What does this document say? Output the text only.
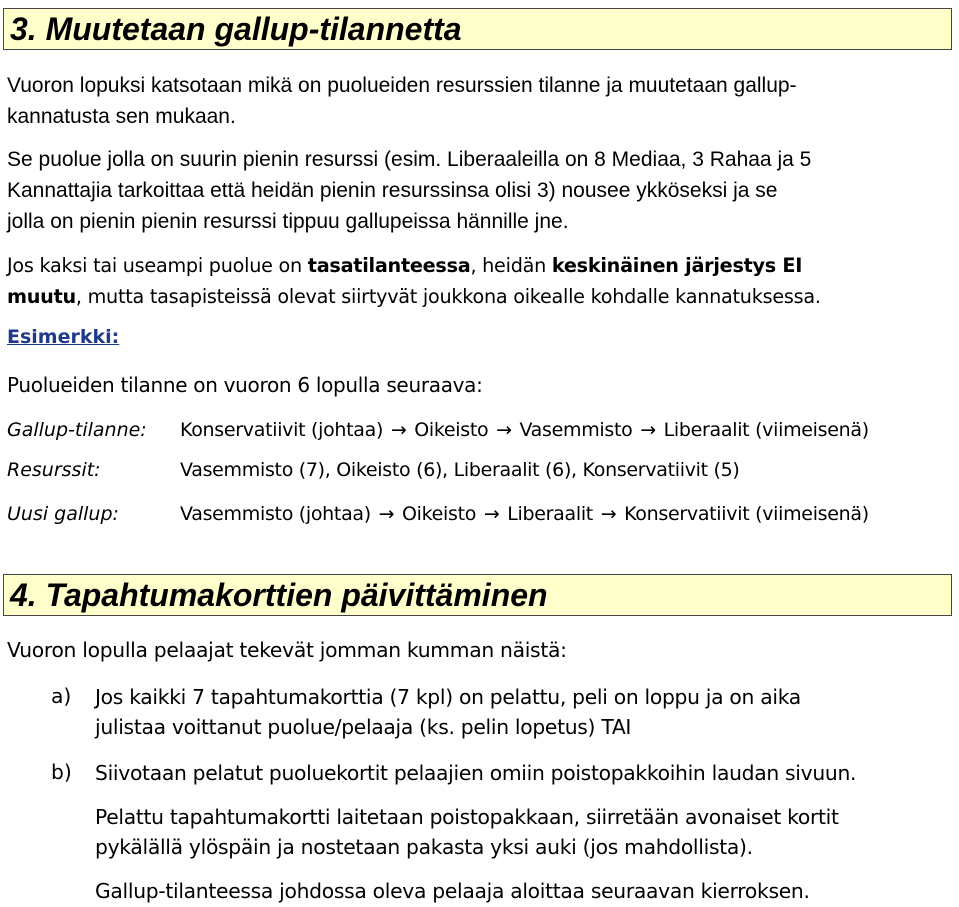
3. Muutetaan gallup-tilannetta
Vuoron lopuksi katsotaan mikä on puolueiden resurssien tilanne ja muutetaan gallup-
kannatusta sen mukaan.
Se puolue jolla on suurin pienin resurssi (esim. Liberaaleilla on 8 Mediaa, 3 Rahaa ja 5
Kannattajia tarkoittaa että heidän pienin resurssinsa olisi 3) nousee ykköseksi ja se
jolla on pienin pienin resurssi tippuu gallupeissa hännille jne.
Jos kaksi tai useampi puolue on tasatilanteessa, heidän keskinäinen järjestys EI
muutu, mutta tasapisteissä olevat siirtyvät joukkona oikealle kohdalle kannatuksessa.
Esimerkki:
Puolueiden tilanne on vuoron 6 lopulla seuraava:
Gallup-tilanne: Konservatiivit (johtaa) → Oikeisto → Vasemmisto → Liberaalit (viimeisenä)
Resurssit:	Vasemmisto (7), Oikeisto (6), Liberaalit (6), Konservatiivit (5)
Uusi gallup:	Vasemmisto (johtaa) → Oikeisto → Liberaalit → Konservatiivit (viimeisenä)
4. Tapahtumakorttien päivittäminen
Vuoron lopulla pelaajat tekevät jomman kumman näistä:
a) Jos kaikki 7 tapahtumakorttia (7 kpl) on pelattu, peli on loppu ja on aika
julistaa voittanut puolue/pelaaja (ks. pelin lopetus) TAI
b) Siivotaan pelatut puoluekortit pelaajien omiin poistopakkoihin laudan sivuun.
Pelattu tapahtumakortti laitetaan poistopakkaan, siirretään avonaiset kortit
pykälällä ylöspäin ja nostetaan pakasta yksi auki (jos mahdollista).
Gallup-tilanteessa johdossa oleva pelaaja aloittaa seuraavan kierroksen.
